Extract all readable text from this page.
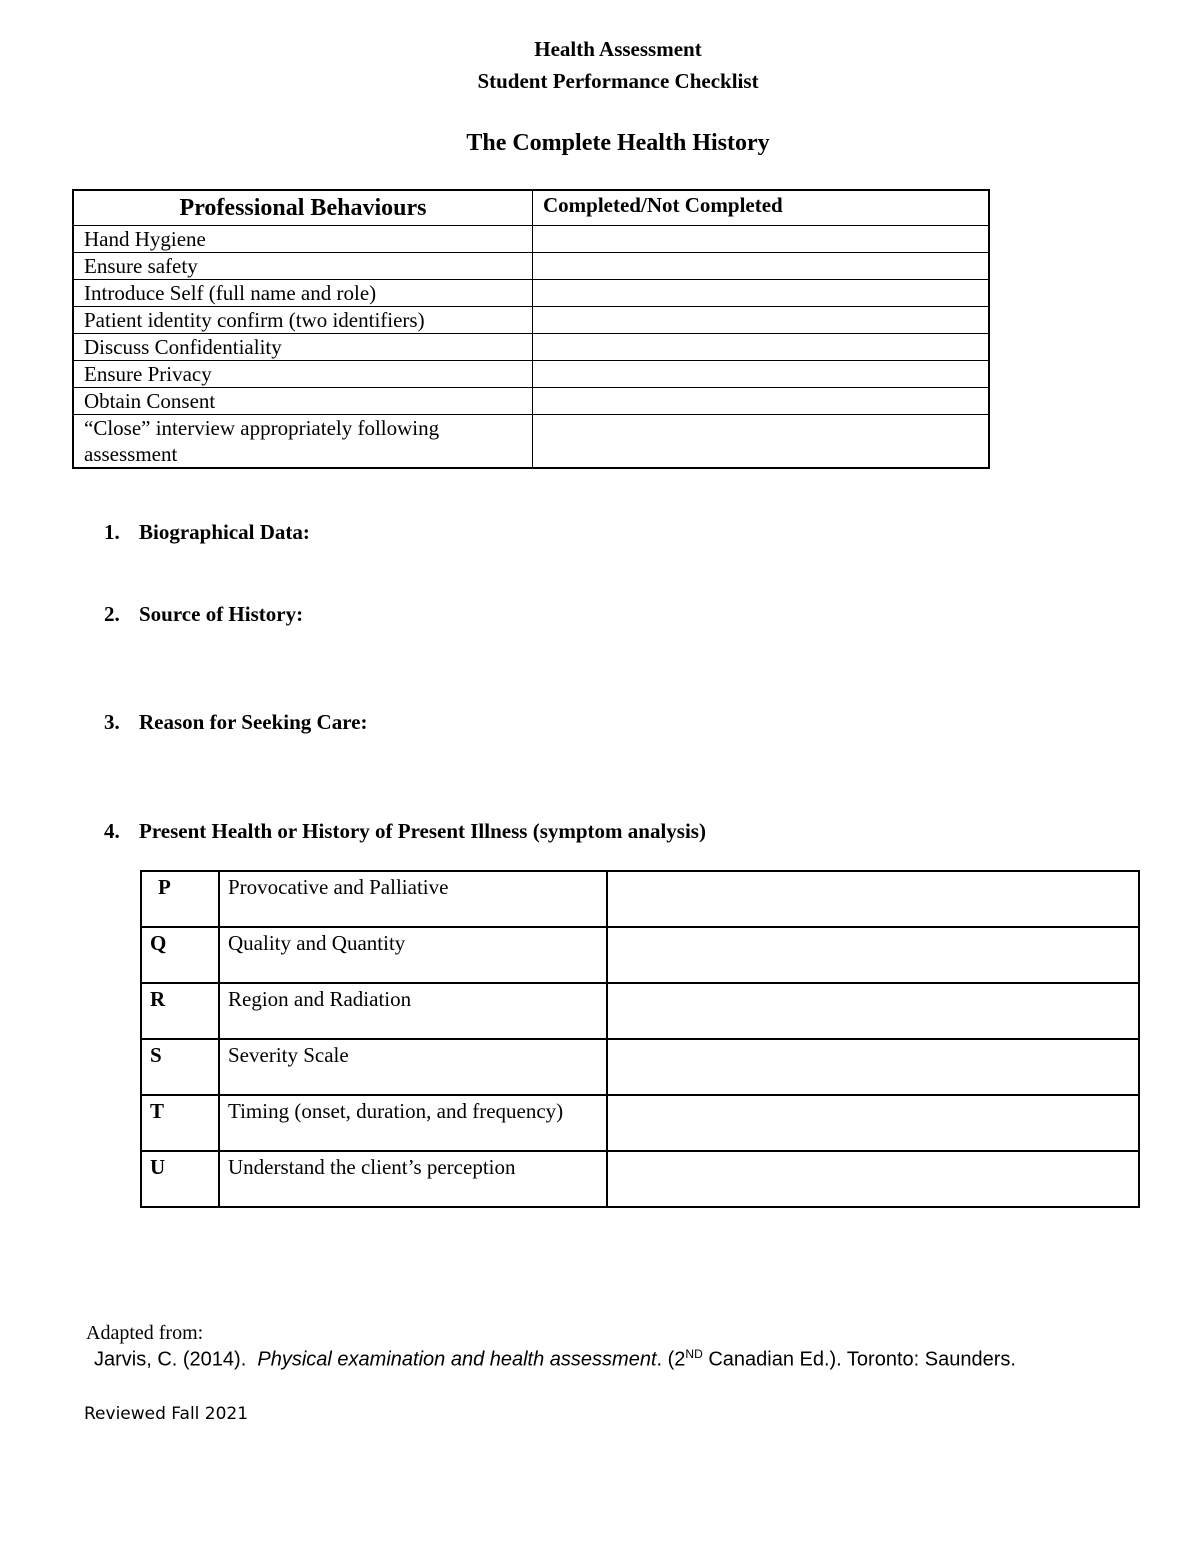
Health Assessment
Student Performance Checklist
The Complete Health History
Professional Behaviours	Completed/Not Completed
Hand Hygiene	
Ensure safety	
Introduce Self (full name and role)	
Patient identity confirm (two identifiers)	
Discuss Confidentiality	
Ensure Privacy	
Obtain Consent	
“Close” interview appropriately following assessment	
1. Biographical Data:
2. Source of History:
3. Reason for Seeking Care:
4. Present Health or History of Present Illness (symptom analysis)
P	Provocative and Palliative	
Q	Quality and Quantity	
R	Region and Radiation	
S	Severity Scale	
T	Timing (onset, duration, and frequency)	
U	Understand the client’s perception	
Adapted from:
Jarvis, C. (2014). Physical examination and health assessment. (2ND Canadian Ed.). Toronto: Saunders.
Reviewed Fall 2021
